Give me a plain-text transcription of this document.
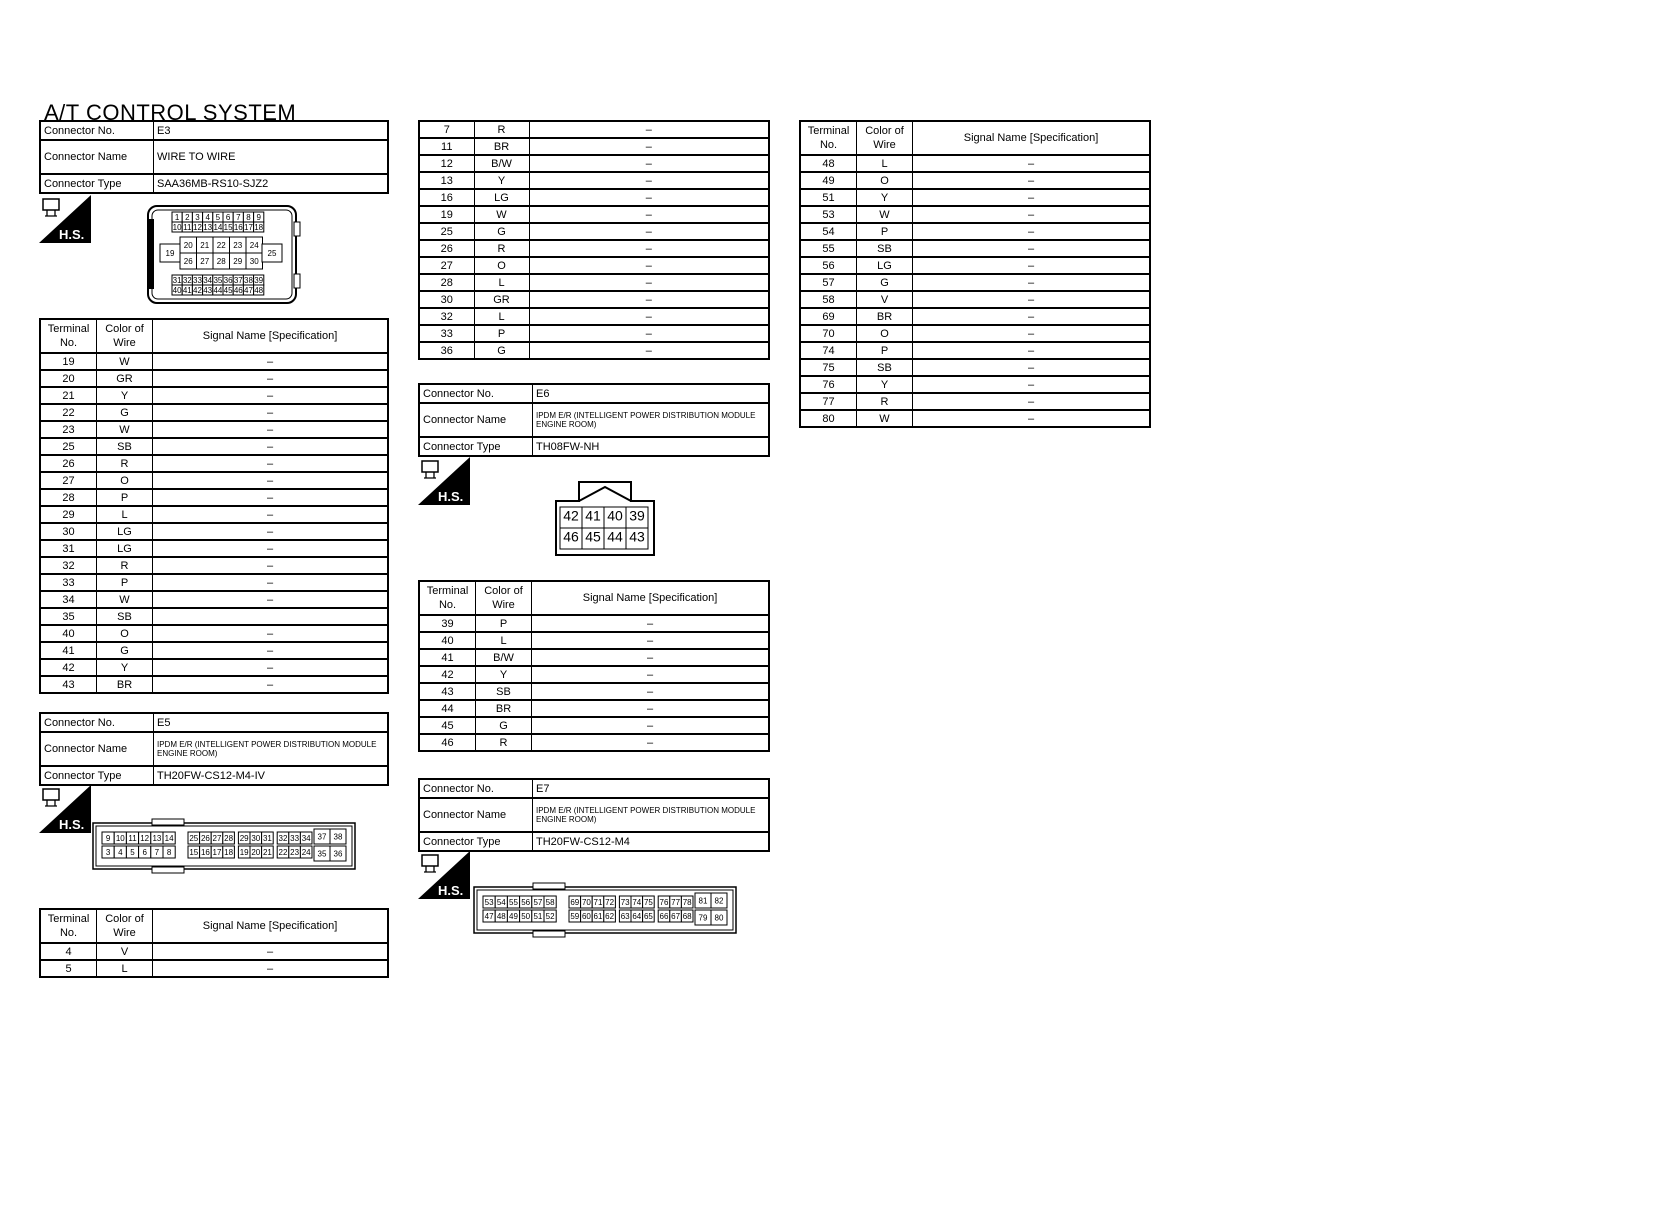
A/T CONTROL SYSTEM
Connector No.	E3
Connector Name	WIRE TO WIRE
Connector Type	SAA36MB-RS10-SJZ2
H.S.
1 2 3 4 5 6 7 8 9
10 11 12 13 14 15 16 17 18
19
20 21 22 23 24
26 27 28 29 30
25
31 32 33 34 35 36 37 38 39
40 41 42 43 44 45 46 47 48
Terminal No.	Color of Wire	Signal Name [Specification]
19	W	–
20	GR	–
21	Y	–
22	G	–
23	W	–
25	SB	–
26	R	–
27	O	–
28	P	–
29	L	–
30	LG	–
31	LG	–
32	R	–
33	P	–
34	W	–
35	SB	
40	O	–
41	G	–
42	Y	–
43	BR	–
Connector No.	E5
Connector Name	IPDM E/R (INTELLIGENT POWER DISTRIBUTION MODULE ENGINE ROOM)
Connector Type	TH20FW-CS12-M4-IV
H.S.
9 10 11 12 13 14
3 4 5 6 7 8
25 26 27 28 29 30 31 32 33 34
15 16 17 18 19 20 21 22 23 24
37 38
35 36
Terminal No.	Color of Wire	Signal Name [Specification]
4	V	–
5	L	–
7	R	–
11	BR	–
12	B/W	–
13	Y	–
16	LG	–
19	W	–
25	G	–
26	R	–
27	O	–
28	L	–
30	GR	–
32	L	–
33	P	–
36	G	–
Connector No.	E6
Connector Name	IPDM E/R (INTELLIGENT POWER DISTRIBUTION MODULE ENGINE ROOM)
Connector Type	TH08FW-NH
H.S.
42 41 40 39
46 45 44 43
Terminal No.	Color of Wire	Signal Name [Specification]
39	P	–
40	L	–
41	B/W	–
42	Y	–
43	SB	–
44	BR	–
45	G	–
46	R	–
Connector No.	E7
Connector Name	IPDM E/R (INTELLIGENT POWER DISTRIBUTION MODULE ENGINE ROOM)
Connector Type	TH20FW-CS12-M4
H.S.
53 54 55 56 57 58
47 48 49 50 51 52
69 70 71 72 73 74 75 76 77 78
59 60 61 62 63 64 65 66 67 68
81 82
79 80
Terminal No.	Color of Wire	Signal Name [Specification]
48	L	–
49	O	–
51	Y	–
53	W	–
54	P	–
55	SB	–
56	LG	–
57	G	–
58	V	–
69	BR	–
70	O	–
74	P	–
75	SB	–
76	Y	–
77	R	–
80	W	–
